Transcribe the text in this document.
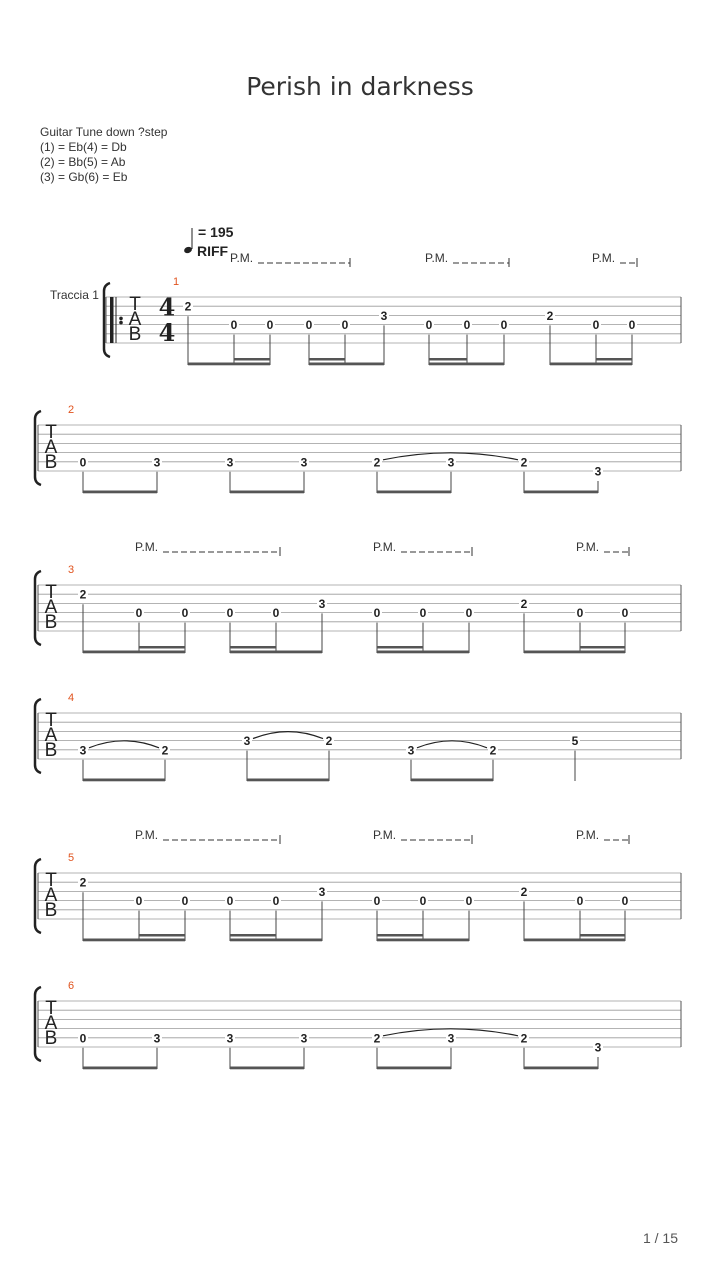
Perish in darkness
Guitar Tune down ?step
(1) = Eb(4) = Db
(2) = Bb(5) = Ab
(3) = Gb(6) = Eb
= 195
RIFF
Traccia 1 T
A
B
4
4
1
2
0 0	0 0
3
0	0	0
2
0 0
P.M.	P.M.	P.M.
T
A
B
2
0	3	3	3	2	3	2
3
T
A
B
3
2
0	0	0	0
3
0	0	0
2
0	0
P.M.	P.M.	P.M.
T
A
B
4
3	2
3	2
3	2
5
T
A
B
5
2
0	0	0	0
3
0	0	0
2
0	0
P.M.	P.M.	P.M.
T
A
B
6
0	3	3	3	2	3	2
3
1 / 15
